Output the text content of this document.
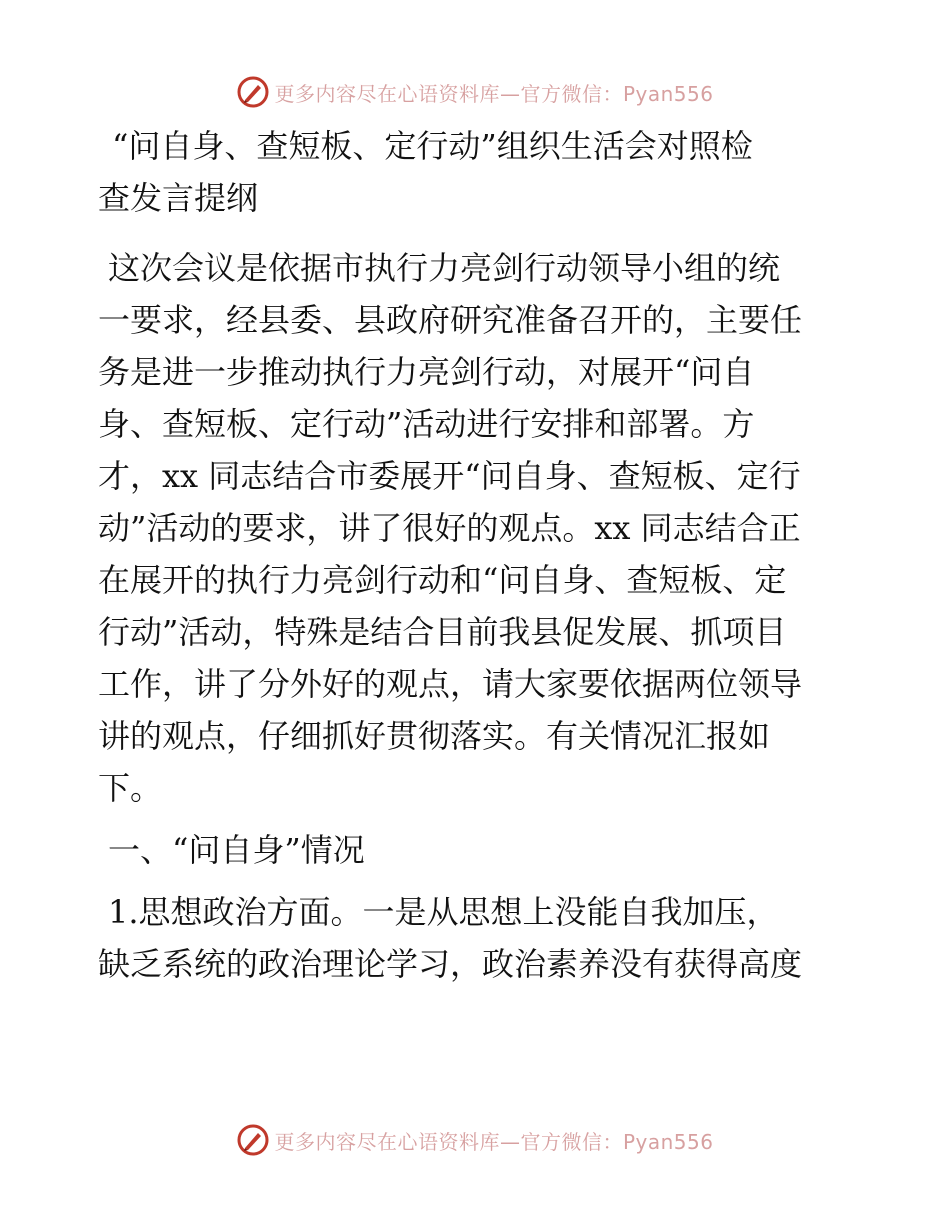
更多内容尽在心语资料库—官方微信：Pyan556
“问自身、查短板、定行动”组织生活会对照检
查发言提纲
这次会议是依据市执行力亮剑行动领导小组的统
一要求，经县委、县政府研究准备召开的，主要任
务是进一步推动执行力亮剑行动，对展开“问自
身、查短板、定行动”活动进行安排和部署。方
才，xx 同志结合市委展开“问自身、查短板、定行
动”活动的要求，讲了很好的观点。xx 同志结合正
在展开的执行力亮剑行动和“问自身、查短板、定
行动”活动，特殊是结合目前我县促发展、抓项目
工作，讲了分外好的观点，请大家要依据两位领导
讲的观点，仔细抓好贯彻落实。有关情况汇报如
下。
一、“问自身”情况
1.思想政治方面。一是从思想上没能自我加压，
缺乏系统的政治理论学习，政治素养没有获得高度
更多内容尽在心语资料库—官方微信：Pyan556
